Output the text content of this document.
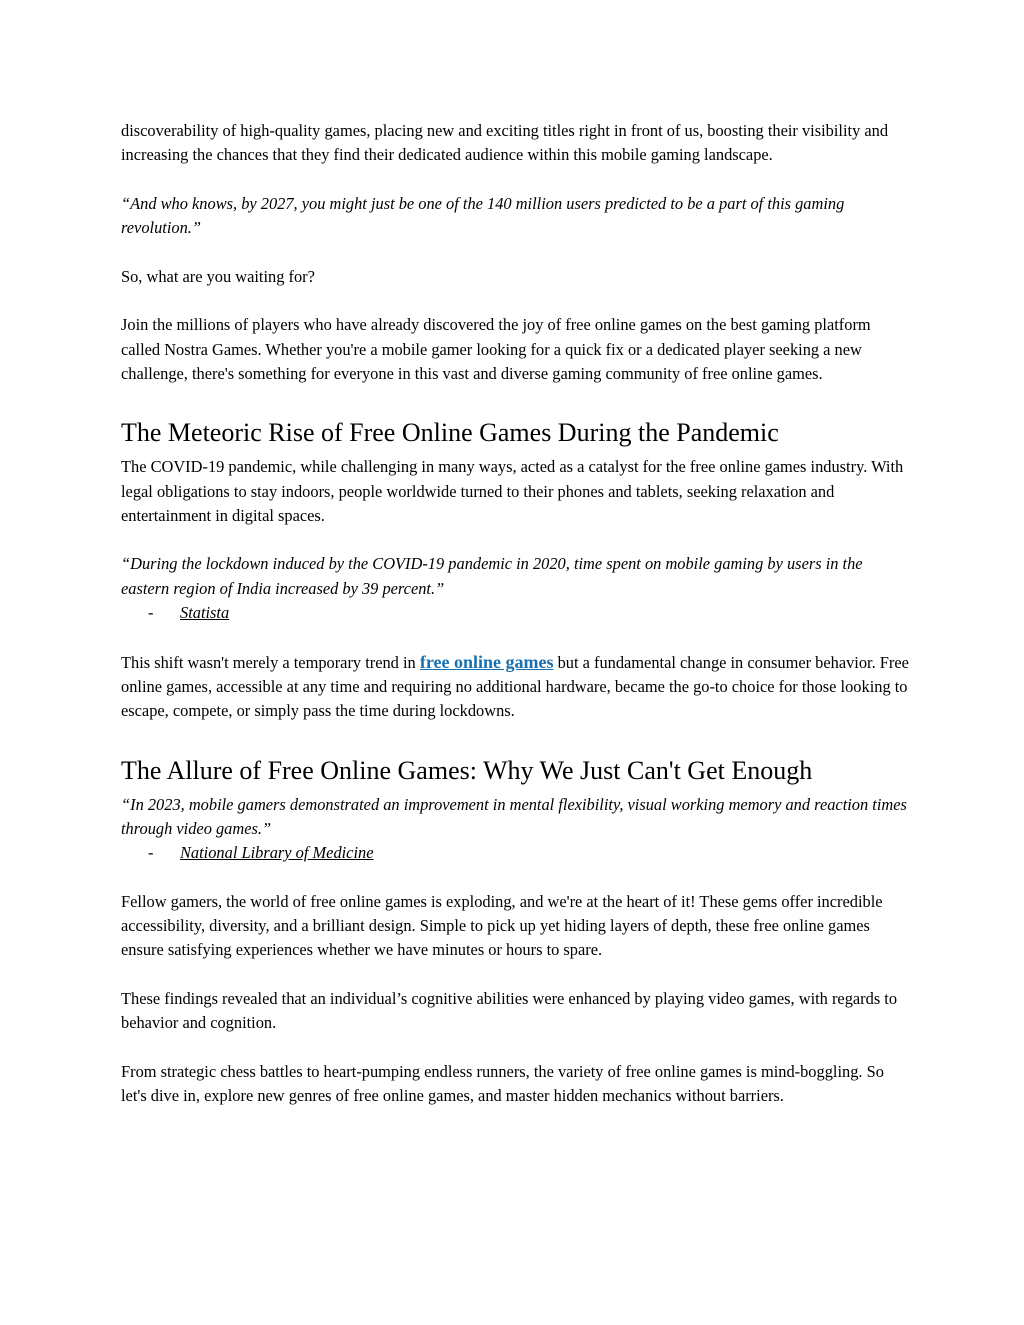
discoverability of high-quality games, placing new and exciting titles right in front of us, boosting their visibility and increasing the chances that they find their dedicated audience within this mobile gaming landscape.

“And who knows, by 2027, you might just be one of the 140 million users predicted to be a part of this gaming revolution.”

So, what are you waiting for?

Join the millions of players who have already discovered the joy of free online games on the best gaming platform called Nostra Games. Whether you're a mobile gamer looking for a quick fix or a dedicated player seeking a new challenge, there's something for everyone in this vast and diverse gaming community of free online games.

The Meteoric Rise of Free Online Games During the Pandemic

The COVID-19 pandemic, while challenging in many ways, acted as a catalyst for the free online games industry. With legal obligations to stay indoors, people worldwide turned to their phones and tablets, seeking relaxation and entertainment in digital spaces.

“During the lockdown induced by the COVID-19 pandemic in 2020, time spent on mobile gaming by users in the eastern region of India increased by 39 percent.”

- Statista

This shift wasn't merely a temporary trend in free online games but a fundamental change in consumer behavior. Free online games, accessible at any time and requiring no additional hardware, became the go-to choice for those looking to escape, compete, or simply pass the time during lockdowns.

The Allure of Free Online Games: Why We Just Can't Get Enough

“In 2023, mobile gamers demonstrated an improvement in mental flexibility, visual working memory and reaction times through video games.”

- National Library of Medicine

Fellow gamers, the world of free online games is exploding, and we're at the heart of it! These gems offer incredible accessibility, diversity, and a brilliant design. Simple to pick up yet hiding layers of depth, these free online games ensure satisfying experiences whether we have minutes or hours to spare.

These findings revealed that an individual’s cognitive abilities were enhanced by playing video games, with regards to behavior and cognition.

From strategic chess battles to heart-pumping endless runners, the variety of free online games is mind-boggling. So let's dive in, explore new genres of free online games, and master hidden mechanics without barriers.
